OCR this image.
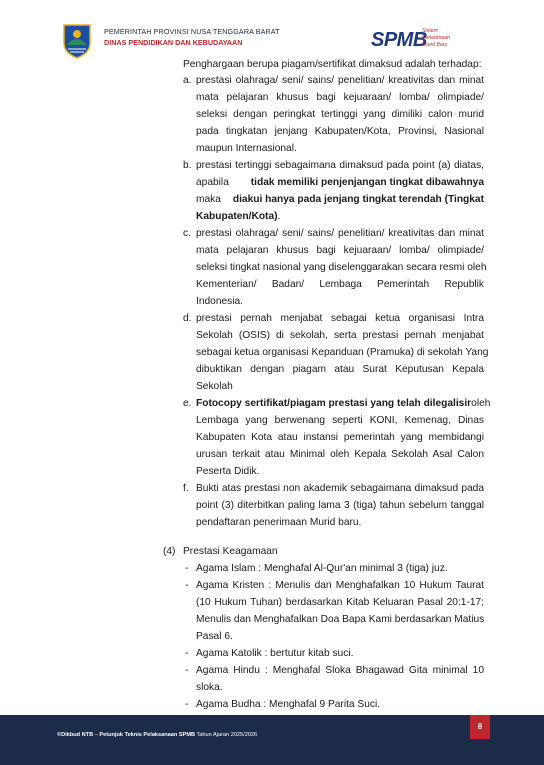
PEMERINTAH PROVINSI NUSA TENGGARA BARAT
DINAS PENDIDIKAN DAN KEBUDAYAAN	SPMB
Sistem
Penerimaan
Murid Baru
Penghargaan berupa piagam/sertifikat dimaksud adalah terhadap:
a. prestasi olahraga/ seni/ sains/ penelitian/ kreativitas dan minat
mata pelajaran khusus bagi kejuaraan/ lomba/ olimpiade/
seleksi dengan peringkat tertinggi yang dimiliki calon murid
pada tingkatan jenjang Kabupaten/Kota, Provinsi, Nasional
maupun Internasional.
b. prestasi tertinggi sebagaimana dimaksud pada point (a) diatas,
apabila tidak memiliki penjenjangan tingkat dibawahnya
maka diakui hanya pada jenjang tingkat terendah (Tingkat
Kabupaten/Kota).
c. prestasi olahraga/ seni/ sains/ penelitian/ kreativitas dan minat
mata pelajaran khusus bagi kejuaraan/ lomba/ olimpiade/
seleksi tingkat nasional yang diselenggarakan secara resmi oleh
Kementerian/ Badan/ Lembaga Pemerintah Republik
Indonesia.
d. prestasi pernah menjabat sebagai ketua organisasi Intra
Sekolah (OSIS) di sekolah, serta prestasi pernah menjabat
sebagai ketua organisasi Kepanduan (Pramuka) di sekolah Yang
dibuktikan dengan piagam atau Surat Keputusan Kepala
Sekolah
e. Fotocopy sertifikat/piagam prestasi yang telah dilegalisir oleh
Lembaga yang berwenang seperti KONI, Kemenag, Dinas
Kabupaten Kota atau instansi pemerintah yang membidangi
urusan terkait atau Minimal oleh Kepala Sekolah Asal Calon
Peserta Didik.
f. Bukti atas prestasi non akademik sebagaimana dimaksud pada
point (3) diterbitkan paling lama 3 (tiga) tahun sebelum tanggal
pendaftaran penerimaan Murid baru.
(4) Prestasi Keagamaan
- Agama Islam : Menghafal Al-Qur'an minimal 3 (tiga) juz.
- Agama Kristen : Menulis dan Menghafalkan 10 Hukum Taurat
(10 Hukum Tuhan) berdasarkan Kitab Keluaran Pasal 20:1-17;
Menulis dan Menghafalkan Doa Bapa Kami berdasarkan Matius
Pasal 6.
- Agama Katolik : bertutur kitab suci.
- Agama Hindu : Menghafal Sloka Bhagawad Gita minimal 10
sloka.
- Agama Budha : Menghafal 9 Parita Suci.
©Dikbud NTB – Petunjuk Teknis Pelaksanaan SPMB Tahun Ajaran 2025/2026
8
